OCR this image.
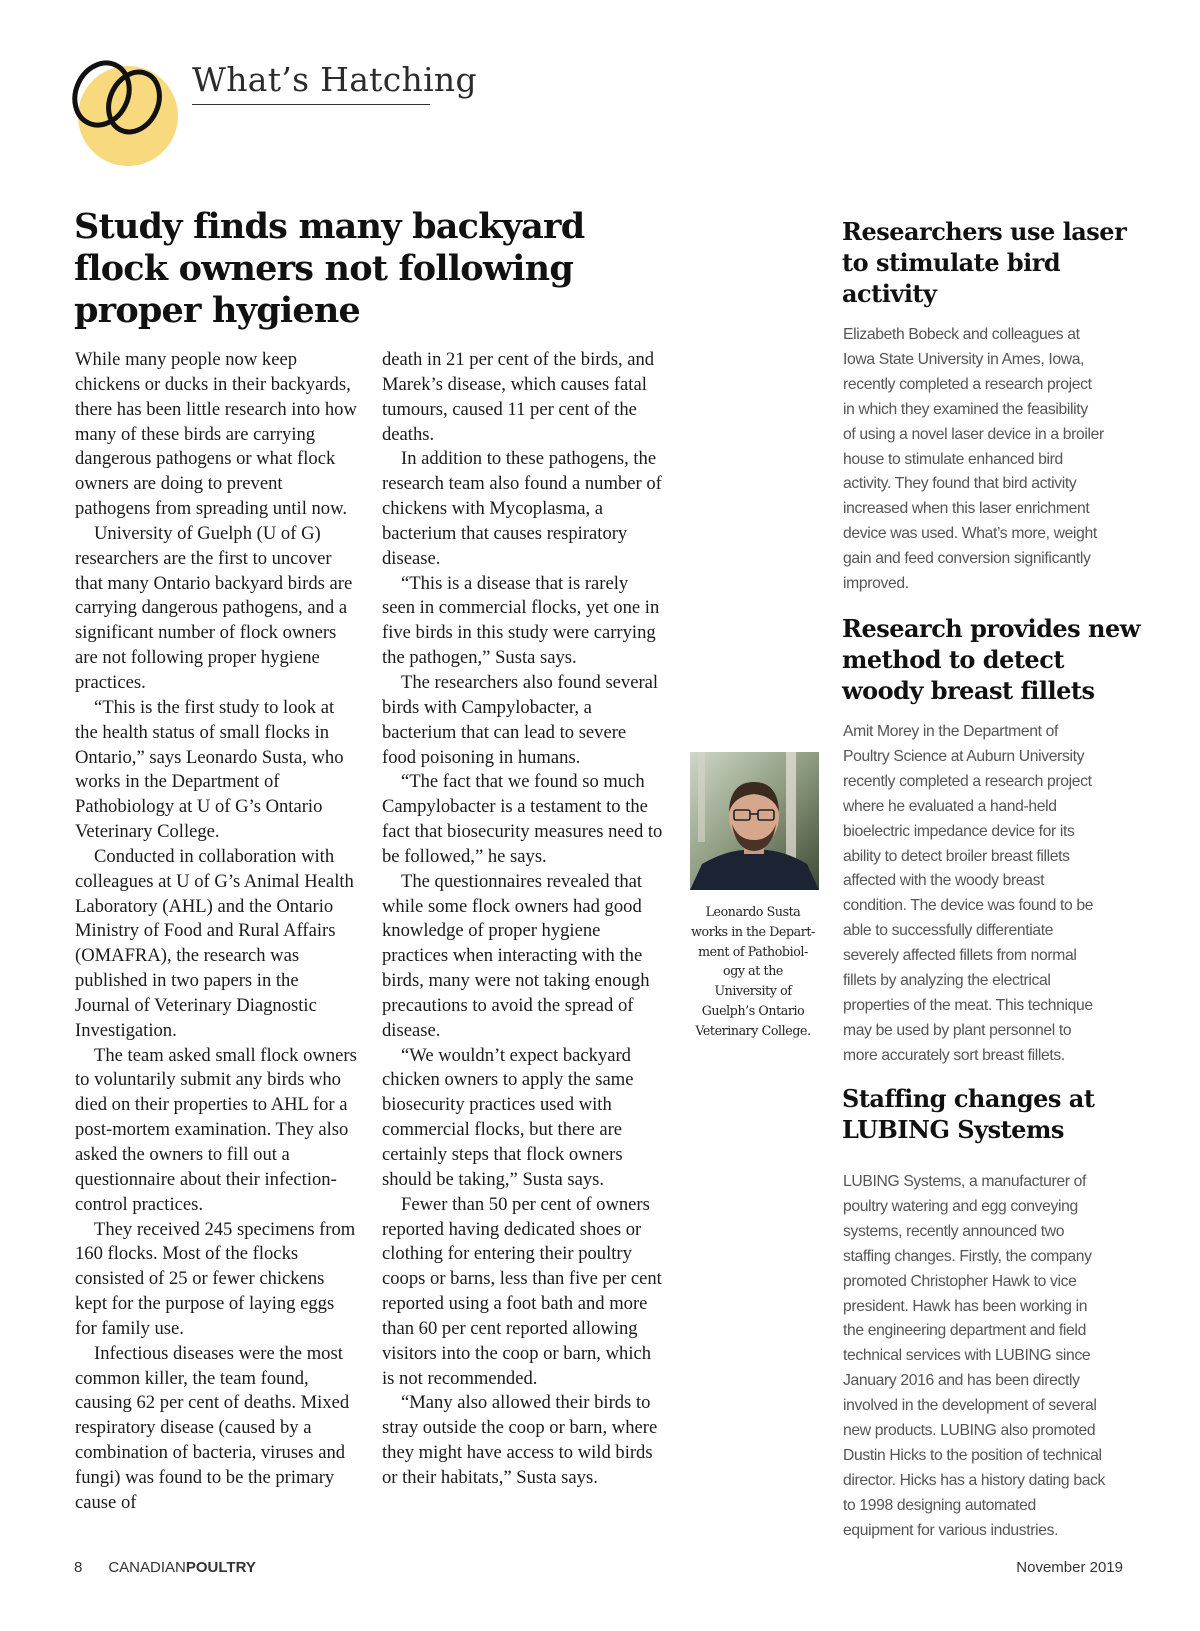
What’s Hatching
Study finds many backyard flock owners not following proper hygiene

While many people now keep chickens or ducks in their backyards, there has been little research into how many of these birds are carrying dangerous pathogens or what flock owners are doing to prevent pathogens from spreading until now.

University of Guelph (U of G) researchers are the first to uncover that many Ontario backyard birds are carrying dangerous pathogens, and a significant number of flock owners are not following proper hygiene practices.

“This is the first study to look at the health status of small flocks in Ontario,” says Leonardo Susta, who works in the Department of Pathobiology at U of G’s Ontario Veterinary College.

Conducted in collaboration with colleagues at U of G’s Animal Health Laboratory (AHL) and the Ontario Ministry of Food and Rural Affairs (OMAFRA), the research was published in two papers in the Journal of Veterinary Diagnostic Investigation.

The team asked small flock owners to voluntarily submit any birds who died on their properties to AHL for a post-mortem examination. They also asked the owners to fill out a questionnaire about their infection-control practices.

They received 245 specimens from 160 flocks. Most of the flocks consisted of 25 or fewer chickens kept for the purpose of laying eggs for family use.

Infectious diseases were the most common killer, the team found, causing 62 per cent of deaths. Mixed respiratory disease (caused by a combination of bacteria, viruses and fungi) was found to be the primary cause of

death in 21 per cent of the birds, and Marek’s disease, which causes fatal tumours, caused 11 per cent of the deaths.

In addition to these pathogens, the research team also found a number of chickens with Mycoplasma, a bacterium that causes respiratory disease.

“This is a disease that is rarely seen in commercial flocks, yet one in five birds in this study were carrying the pathogen,” Susta says.

The researchers also found several birds with Campylobacter, a bacterium that can lead to severe food poisoning in humans.

“The fact that we found so much Campylobacter is a testament to the fact that biosecurity measures need to be followed,” he says.

The questionnaires revealed that while some flock owners had good knowledge of proper hygiene practices when interacting with the birds, many were not taking enough precautions to avoid the spread of disease.

“We wouldn’t expect backyard chicken owners to apply the same biosecurity practices used with commercial flocks, but there are certainly steps that flock owners should be taking,” Susta says.

Fewer than 50 per cent of owners reported having dedicated shoes or clothing for entering their poultry coops or barns, less than five per cent reported using a foot bath and more than 60 per cent reported allowing visitors into the coop or barn, which is not recommended.

“Many also allowed their birds to stray outside the coop or barn, where they might have access to wild birds or their habitats,” Susta says.

Leonardo Susta
works in the Depart-
ment of Pathobiol-
ogy at the
University of
Guelph’s Ontario
Veterinary College.
Researchers use laser to stimulate bird activity
Elizabeth Bobeck and colleagues at
Iowa State University in Ames, Iowa,
recently completed a research project
in which they examined the feasibility
of using a novel laser device in a broiler
house to stimulate enhanced bird
activity. They found that bird activity
increased when this laser enrichment
device was used. What’s more, weight
gain and feed conversion significantly
improved.
Research provides new method to detect woody breast fillets
Amit Morey in the Department of
Poultry Science at Auburn University
recently completed a research project
where he evaluated a hand-held
bioelectric impedance device for its
ability to detect broiler breast fillets
affected with the woody breast
condition. The device was found to be
able to successfully differentiate
severely affected fillets from normal
fillets by analyzing the electrical
properties of the meat. This technique
may be used by plant personnel to
more accurately sort breast fillets.
Staffing changes at LUBING Systems
LUBING Systems, a manufacturer of
poultry watering and egg conveying
systems, recently announced two
staffing changes. Firstly, the company
promoted Christopher Hawk to vice
president. Hawk has been working in
the engineering department and field
technical services with LUBING since
January 2016 and has been directly
involved in the development of several
new products. LUBING also promoted
Dustin Hicks to the position of technical
director. Hicks has a history dating back
to 1998 designing automated
equipment for various industries.
8 CANADIANPOULTRY	November 2019
